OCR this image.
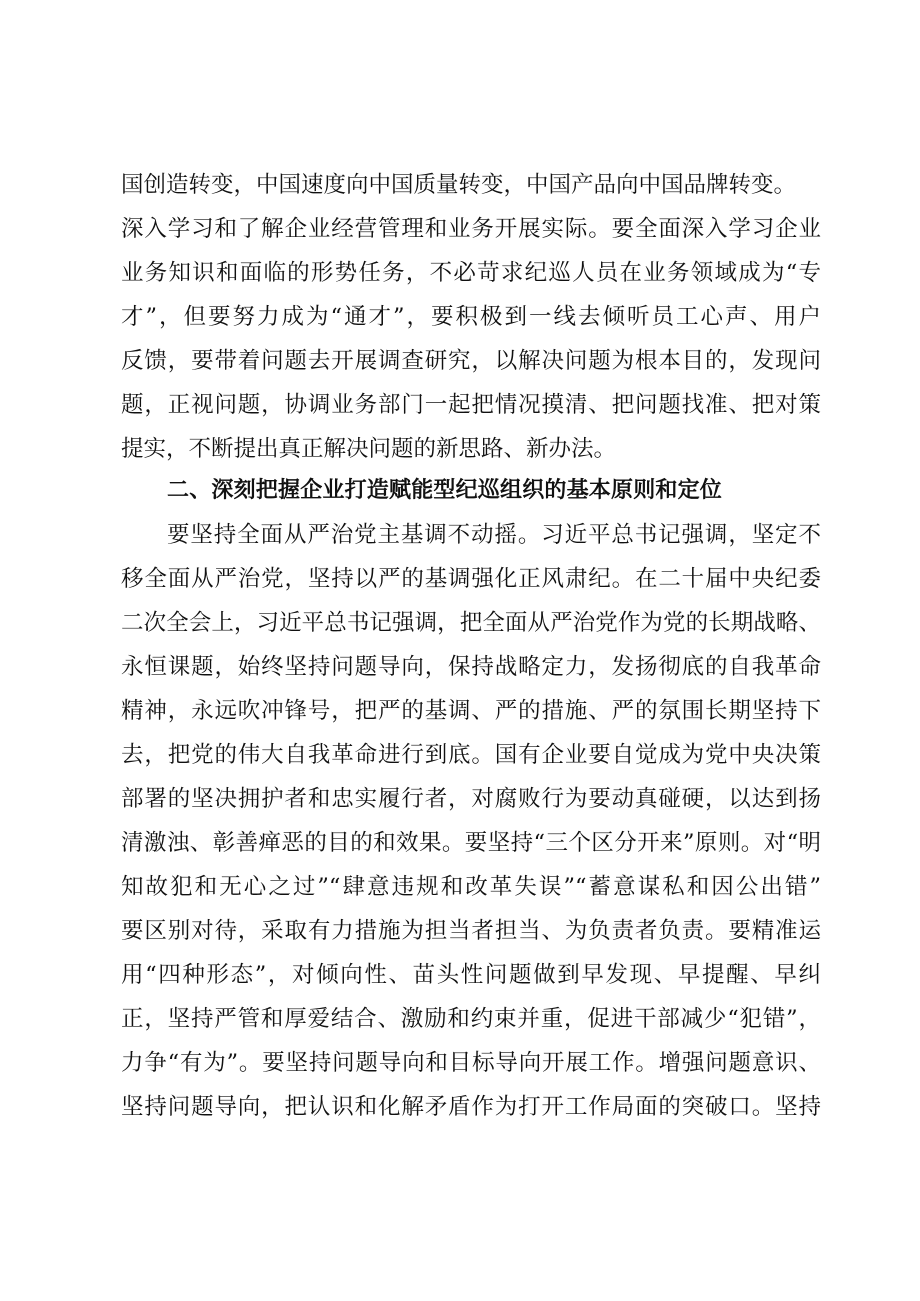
国创造转变，中国速度向中国质量转变，中国产品向中国品牌转变。
深入学习和了解企业经营管理和业务开展实际。要全面深入学习企业
业务知识和面临的形势任务，不必苛求纪巡人员在业务领域成为“专
才”，但要努力成为“通才”，要积极到一线去倾听员工心声、用户
反馈，要带着问题去开展调查研究，以解决问题为根本目的，发现问
题，正视问题，协调业务部门一起把情况摸清、把问题找准、把对策
提实，不断提出真正解决问题的新思路、新办法。
二、深刻把握企业打造赋能型纪巡组织的基本原则和定位
要坚持全面从严治党主基调不动摇。习近平总书记强调，坚定不
移全面从严治党，坚持以严的基调强化正风肃纪。在二十届中央纪委
二次全会上，习近平总书记强调，把全面从严治党作为党的长期战略、
永恒课题，始终坚持问题导向，保持战略定力，发扬彻底的自我革命
精神，永远吹冲锋号，把严的基调、严的措施、严的氛围长期坚持下
去，把党的伟大自我革命进行到底。国有企业要自觉成为党中央决策
部署的坚决拥护者和忠实履行者，对腐败行为要动真碰硬，以达到扬
清激浊、彰善瘅恶的目的和效果。要坚持“三个区分开来”原则。对“明
知故犯和无心之过”“肆意违规和改革失误”“蓄意谋私和因公出错”
要区别对待，采取有力措施为担当者担当、为负责者负责。要精准运
用“四种形态”，对倾向性、苗头性问题做到早发现、早提醒、早纠
正，坚持严管和厚爱结合、激励和约束并重，促进干部减少“犯错”，
力争“有为”。要坚持问题导向和目标导向开展工作。增强问题意识、
坚持问题导向，把认识和化解矛盾作为打开工作局面的突破口。坚持
